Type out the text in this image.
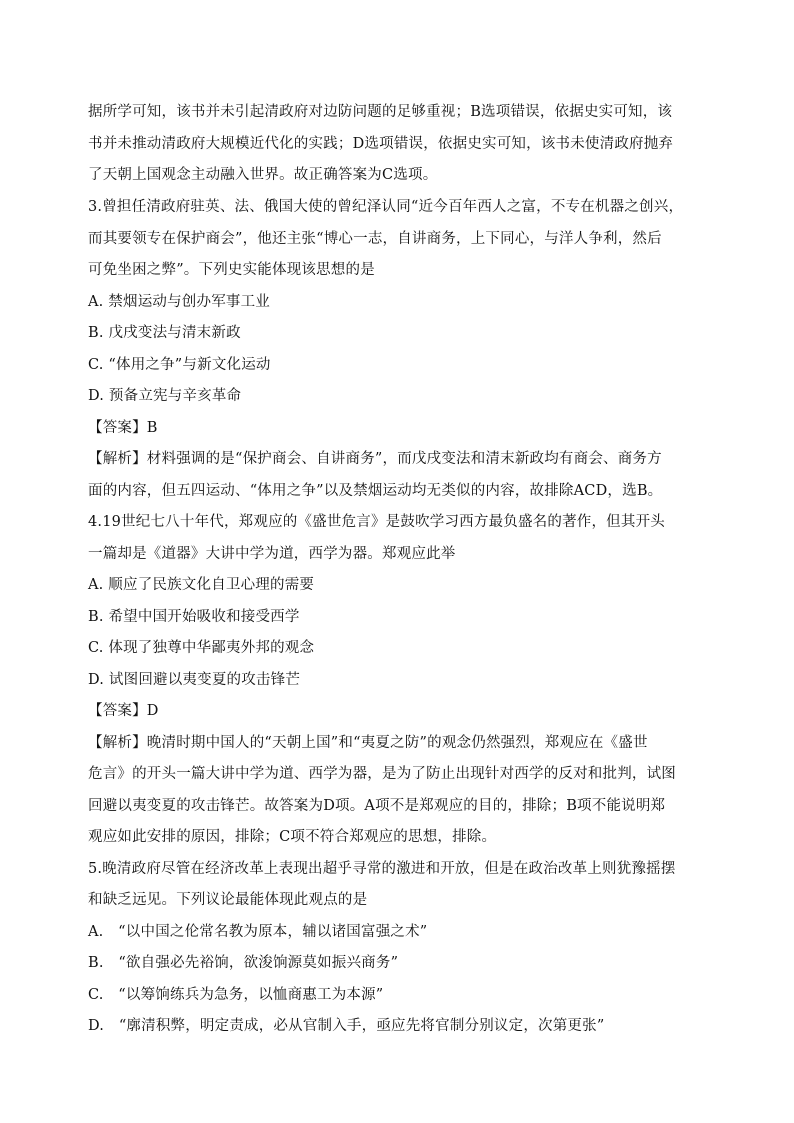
据所学可知，该书并未引起清政府对边防问题的足够重视；B选项错误，依据史实可知，该
书并未推动清政府大规模近代化的实践；D选项错误，依据史实可知，该书未使清政府抛弃
了天朝上国观念主动融入世界。故正确答案为C选项。
3.曾担任清政府驻英、法、俄国大使的曾纪泽认同“近今百年西人之富，不专在机器之创兴，
而其要领专在保护商会”，他还主张“博心一志，自讲商务，上下同心，与洋人争利，然后
可免坐困之弊”。下列史实能体现该思想的是
A. 禁烟运动与创办军事工业
B. 戊戌变法与清末新政
C. “体用之争”与新文化运动
D. 预备立宪与辛亥革命
【答案】B
【解析】材料强调的是“保护商会、自讲商务”，而戊戌变法和清末新政均有商会、商务方
面的内容，但五四运动、“体用之争”以及禁烟运动均无类似的内容，故排除ACD，选B。
4.19世纪七八十年代，郑观应的《盛世危言》是鼓吹学习西方最负盛名的著作，但其开头
一篇却是《道器》大讲中学为道，西学为器。郑观应此举
A. 顺应了民族文化自卫心理的需要
B. 希望中国开始吸收和接受西学
C. 体现了独尊中华鄙夷外邦的观念
D. 试图回避以夷变夏的攻击锋芒
【答案】D
【解析】晚清时期中国人的“天朝上国”和“夷夏之防”的观念仍然强烈，郑观应在《盛世
危言》的开头一篇大讲中学为道、西学为器，是为了防止出现针对西学的反对和批判，试图
回避以夷变夏的攻击锋芒。故答案为D项。A项不是郑观应的目的，排除；B项不能说明郑
观应如此安排的原因，排除；C项不符合郑观应的思想，排除。
5.晚清政府尽管在经济改革上表现出超乎寻常的激进和开放，但是在政治改革上则犹豫摇摆
和缺乏远见。下列议论最能体现此观点的是
A.　“以中国之伦常名教为原本，辅以诸国富强之术”
B.　“欲自强必先裕饷，欲浚饷源莫如振兴商务”
C.　“以筹饷练兵为急务，以恤商惠工为本源”
D.　“廓清积弊，明定责成，必从官制入手，亟应先将官制分别议定，次第更张”
